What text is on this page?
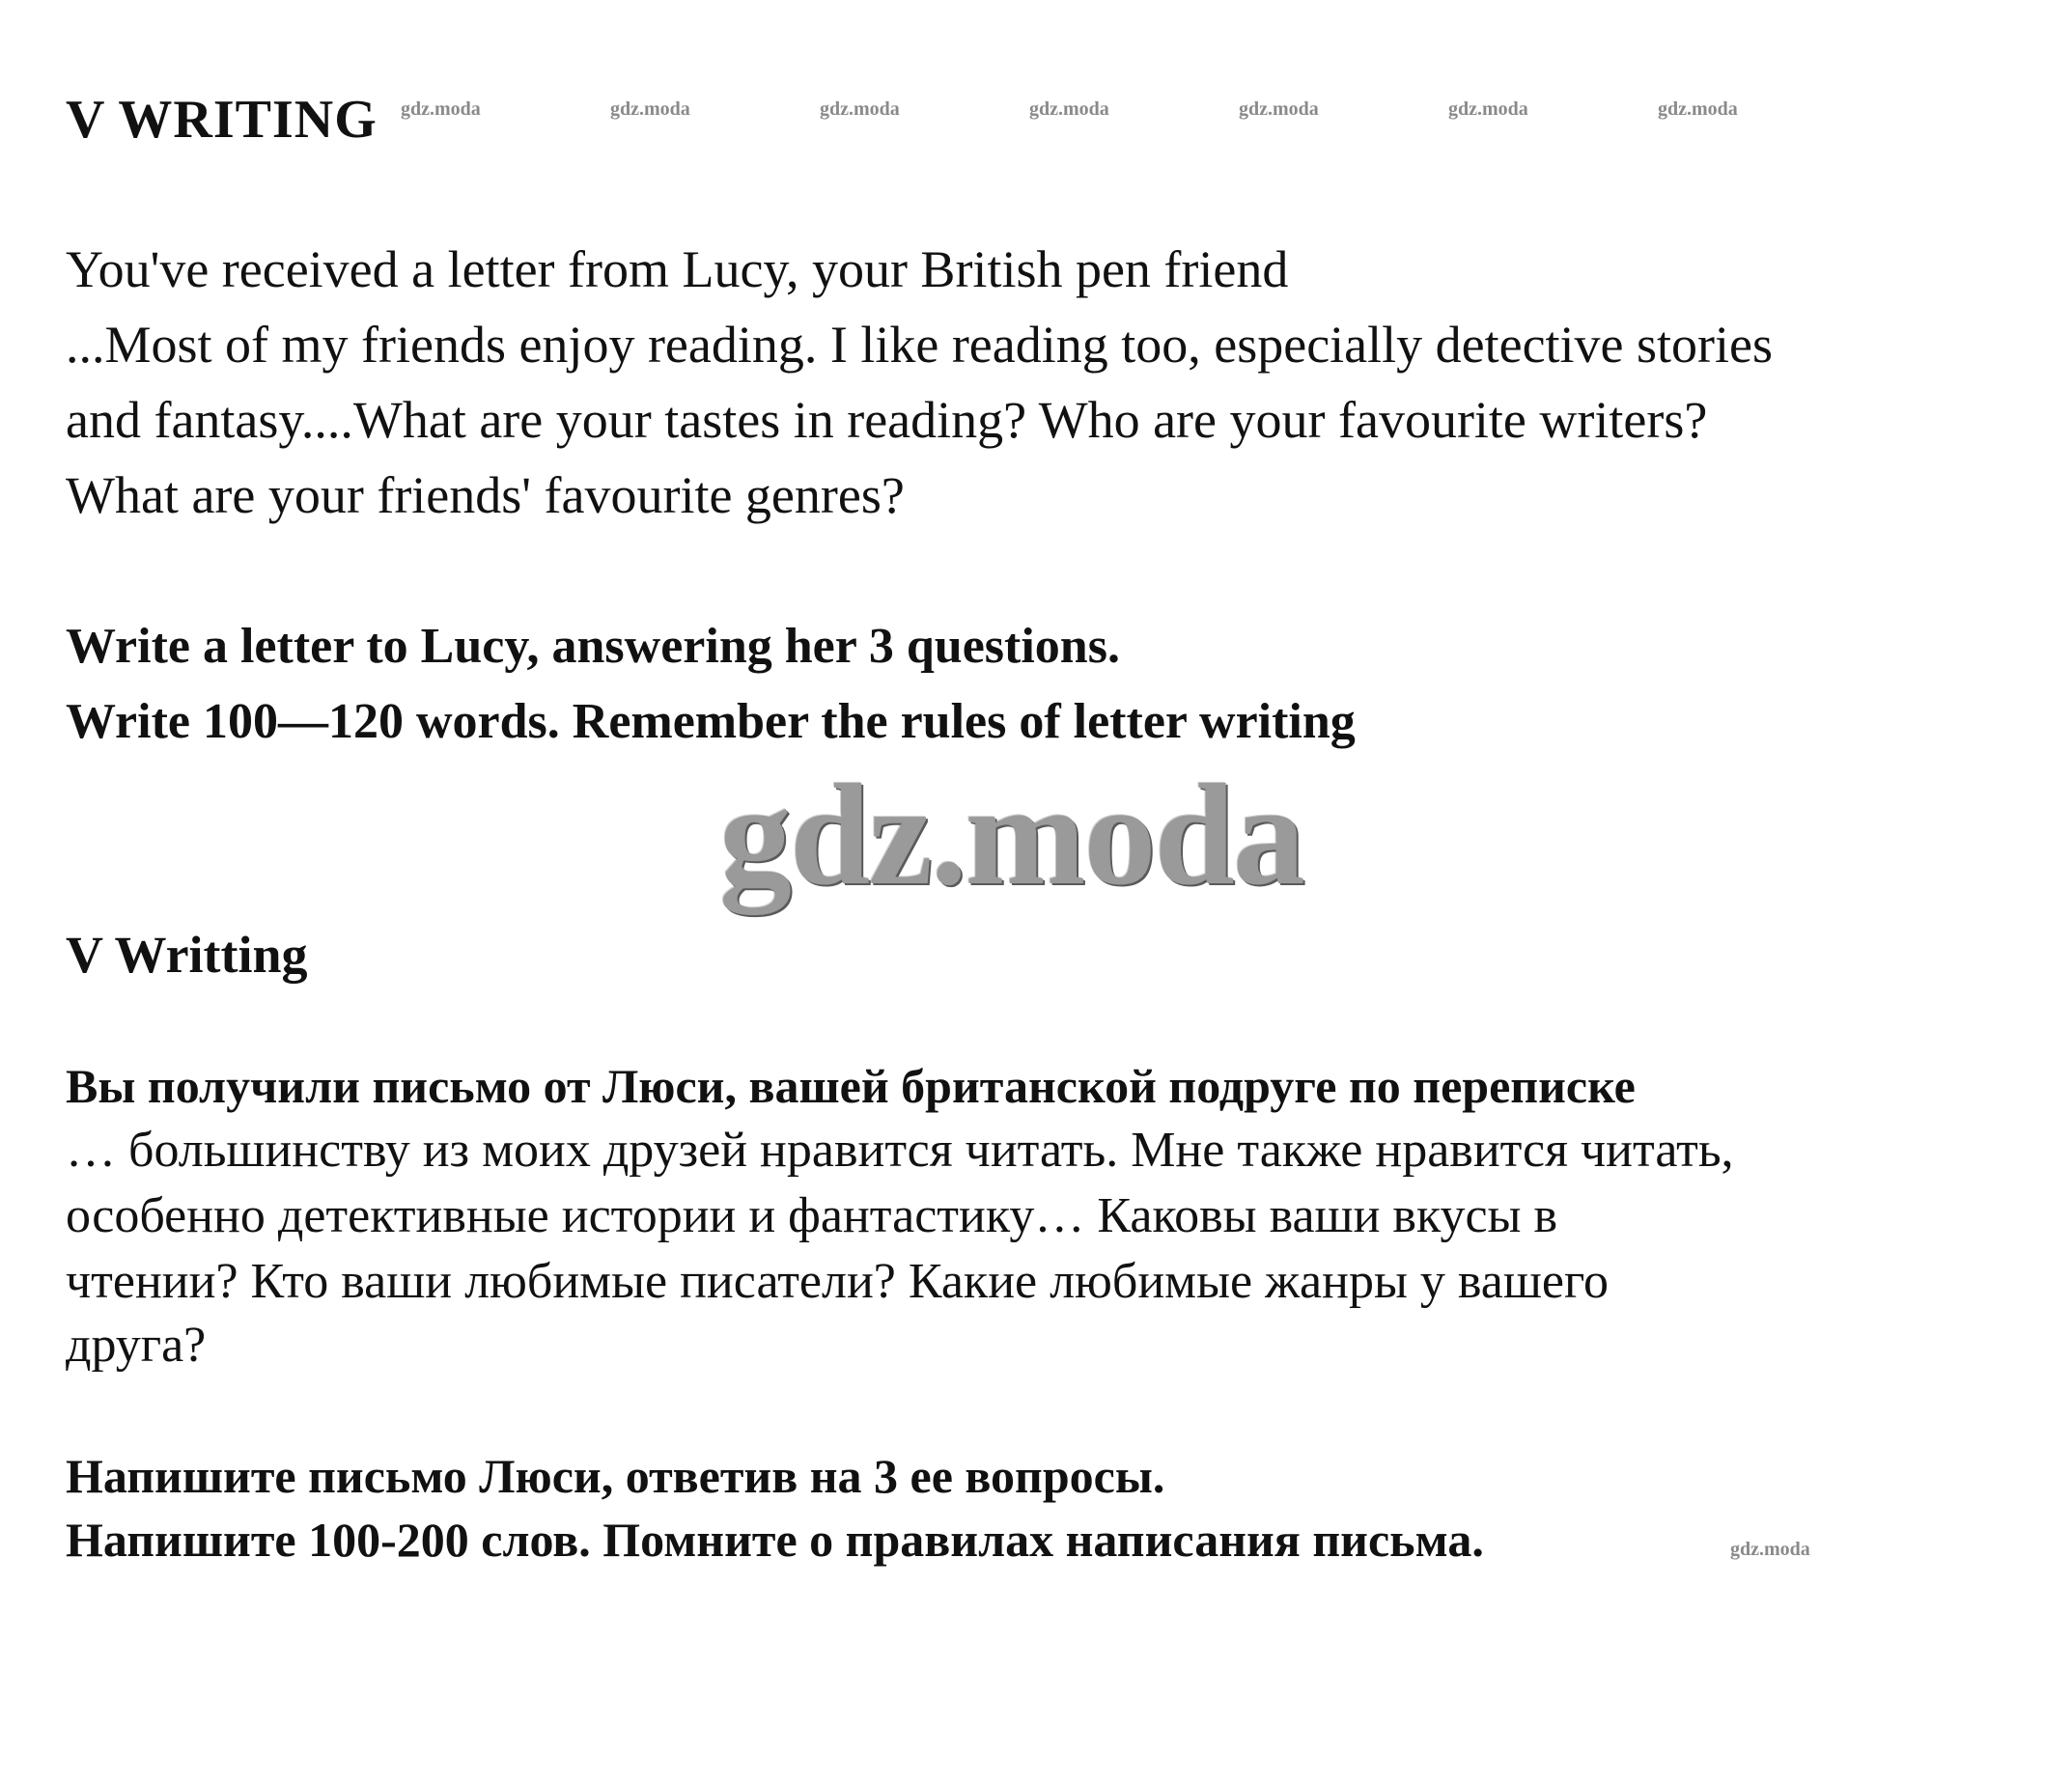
V WRITING gdz.moda	gdz.moda	gdz.moda	gdz.moda	gdz.moda	gdz.moda	gdz.moda

You've received a letter from Lucy, your British pen friend

...Most of my friends enjoy reading. I like reading too, especially detective stories

and fantasy....What are your tastes in reading? Who are your favourite writers?

What are your friends' favourite genres?

Write a letter to Lucy, answering her 3 questions.

Write 100—120 words. Remember the rules of letter writing

gdz.moda

V Writting

Вы получили письмо от Люси, вашей британской подруге по переписке

… большинству из моих друзей нравится читать. Мне также нравится читать,

особенно детективные истории и фантастику… Каковы ваши вкусы в

чтении? Кто ваши любимые писатели? Какие любимые жанры у вашего

друга?

Напишите письмо Люси, ответив на 3 ее вопросы.

Напишите 100-200 слов. Помните о правилах написания письма.	gdz.moda
